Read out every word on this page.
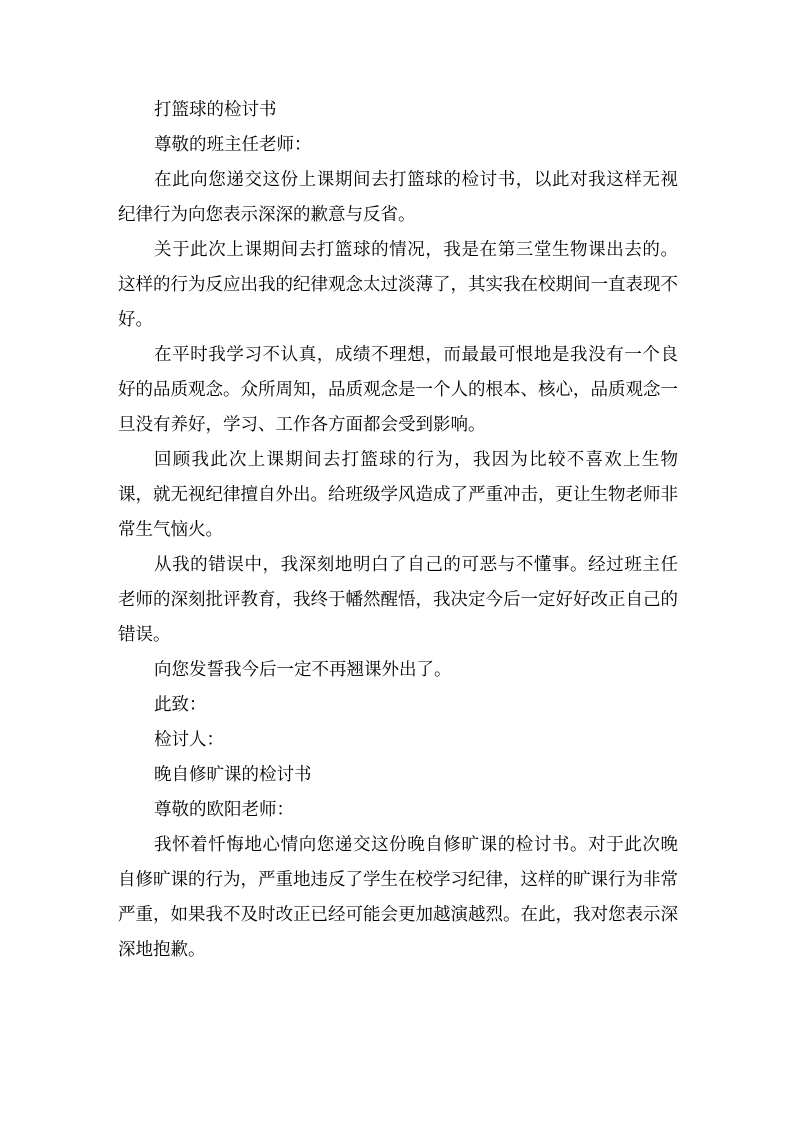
打篮球的检讨书

尊敬的班主任老师：

在此向您递交这份上课期间去打篮球的检讨书，以此对我这样无视纪律行为向您表示深深的歉意与反省。

关于此次上课期间去打篮球的情况，我是在第三堂生物课出去的。这样的行为反应出我的纪律观念太过淡薄了，其实我在校期间一直表现不好。

在平时我学习不认真，成绩不理想，而最最可恨地是我没有一个良好的品质观念。众所周知，品质观念是一个人的根本、核心，品质观念一旦没有养好，学习、工作各方面都会受到影响。

回顾我此次上课期间去打篮球的行为，我因为比较不喜欢上生物课，就无视纪律擅自外出。给班级学风造成了严重冲击，更让生物老师非常生气恼火。

从我的错误中，我深刻地明白了自己的可恶与不懂事。经过班主任老师的深刻批评教育，我终于幡然醒悟，我决定今后一定好好改正自己的错误。

向您发誓我今后一定不再翘课外出了。

此致：

检讨人：

晚自修旷课的检讨书

尊敬的欧阳老师：

我怀着忏悔地心情向您递交这份晚自修旷课的检讨书。对于此次晚自修旷课的行为，严重地违反了学生在校学习纪律，这样的旷课行为非常严重，如果我不及时改正已经可能会更加越演越烈。在此，我对您表示深深地抱歉。
